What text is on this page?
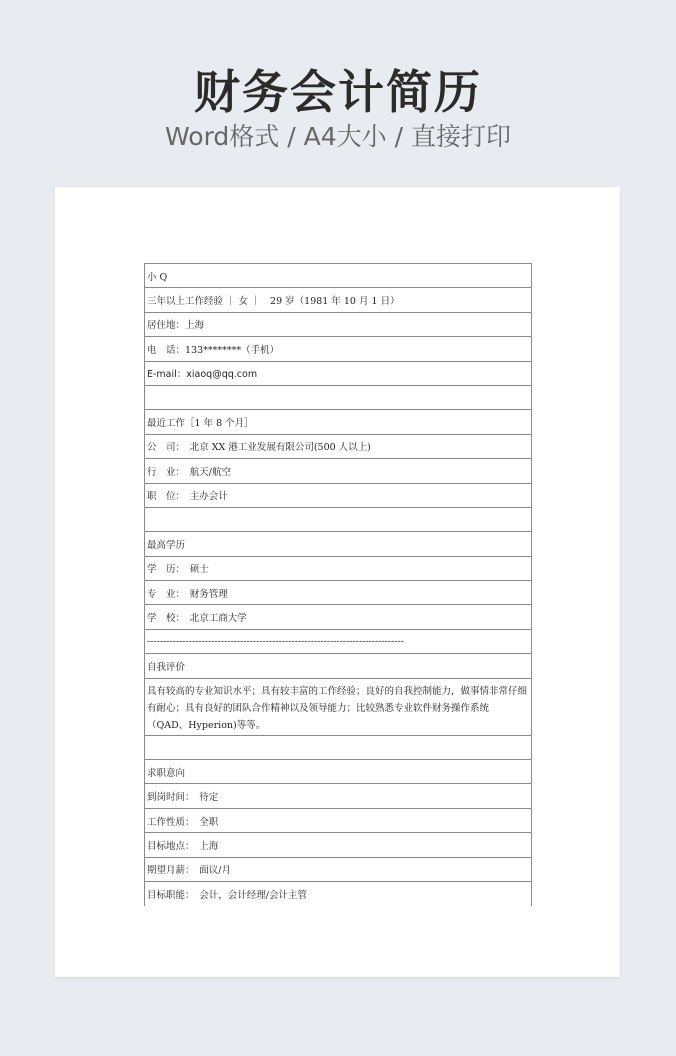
财务会计简历
Word格式 / A4大小 / 直接打印
小 Q
三年以上工作经验 ｜ 女 ｜　29 岁（1981 年 10 月 1 日）
居住地：上海
电　话：133********（手机）
E-mail：xiaoq@qq.com
最近工作［1 年 8 个月］
公　司：　北京 XX 港工业发展有限公司(500 人以上)
行　业：　航天/航空
职　位：　主办会计
最高学历
学　历：　硕士
专　业：　财务管理
学　校：　北京工商大学
--------------------------------------------------------------------------------
自我评价
具有较高的专业知识水平；具有较丰富的工作经验；良好的自我控制能力，做事情非常仔细有耐心；具有良好的团队合作精神以及领导能力；比较熟悉专业软件财务操作系统（QAD、Hyperion)等等。
求职意向
到岗时间：　待定
工作性质：　全职
目标地点：　上海
期望月薪：　面议/月
目标职能：　会计，会计经理/会计主管
